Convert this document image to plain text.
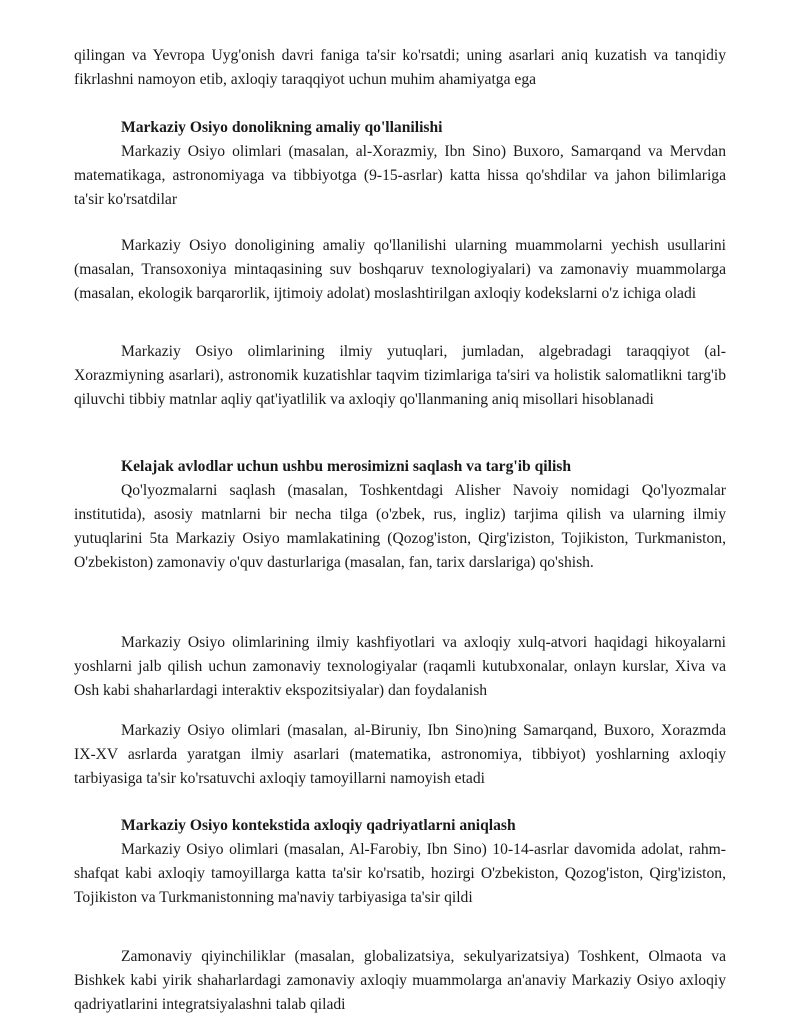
qilingan va Yevropa Uyg'onish davri faniga ta'sir ko'rsatdi; uning asarlari aniq kuzatish va tanqidiy fikrlashni namoyon etib, axloqiy taraqqiyot uchun muhim ahamiyatga ega

Markaziy Osiyo donolikning amaliy qo'llanilishi

Markaziy Osiyo olimlari (masalan, al-Xorazmiy, Ibn Sino) Buxoro, Samarqand va Mervdan matematikaga, astronomiyaga va tibbiyotga (9-15-asrlar) katta hissa qo'shdilar va jahon bilimlariga ta'sir ko'rsatdilar

Markaziy Osiyo donoligining amaliy qo'llanilishi ularning muammolarni yechish usullarini (masalan, Transoxoniya mintaqasining suv boshqaruv texnologiyalari) va zamonaviy muammolarga (masalan, ekologik barqarorlik, ijtimoiy adolat) moslashtirilgan axloqiy kodekslarni o'z ichiga oladi

Markaziy Osiyo olimlarining ilmiy yutuqlari, jumladan, algebradagi taraqqiyot (al-Xorazmiyning asarlari), astronomik kuzatishlar taqvim tizimlariga ta'siri va holistik salomatlikni targ'ib qiluvchi tibbiy matnlar aqliy qat'iyatlilik va axloqiy qo'llanmaning aniq misollari hisoblanadi

Kelajak avlodlar uchun ushbu merosimizni saqlash va targ'ib qilish

Qo'lyozmalarni saqlash (masalan, Toshkentdagi Alisher Navoiy nomidagi Qo'lyozmalar institutida), asosiy matnlarni bir necha tilga (o'zbek, rus, ingliz) tarjima qilish va ularning ilmiy yutuqlarini 5ta Markaziy Osiyo mamlakatining (Qozog'iston, Qirg'iziston, Tojikiston, Turkmaniston, O'zbekiston) zamonaviy o'quv dasturlariga (masalan, fan, tarix darslariga) qo'shish.

Markaziy Osiyo olimlarining ilmiy kashfiyotlari va axloqiy xulq-atvori haqidagi hikoyalarni yoshlarni jalb qilish uchun zamonaviy texnologiyalar (raqamli kutubxonalar, onlayn kurslar, Xiva va Osh kabi shaharlardagi interaktiv ekspozitsiyalar) dan foydalanish

Markaziy Osiyo olimlari (masalan, al-Biruniy, Ibn Sino)ning Samarqand, Buxoro, Xorazmda IX-XV asrlarda yaratgan ilmiy asarlari (matematika, astronomiya, tibbiyot) yoshlarning axloqiy tarbiyasiga ta'sir ko'rsatuvchi axloqiy tamoyillarni namoyish etadi

Markaziy Osiyo kontekstida axloqiy qadriyatlarni aniqlash

Markaziy Osiyo olimlari (masalan, Al-Farobiy, Ibn Sino) 10-14-asrlar davomida adolat, rahm-shafqat kabi axloqiy tamoyillarga katta ta'sir ko'rsatib, hozirgi O'zbekiston, Qozog'iston, Qirg'iziston, Tojikiston va Turkmanistonning ma'naviy tarbiyasiga ta'sir qildi

Zamonaviy qiyinchiliklar (masalan, globalizatsiya, sekulyarizatsiya) Toshkent, Olmaota va Bishkek kabi yirik shaharlardagi zamonaviy axloqiy muammolarga an'anaviy Markaziy Osiyo axloqiy qadriyatlarini integratsiyalashni talab qiladi
